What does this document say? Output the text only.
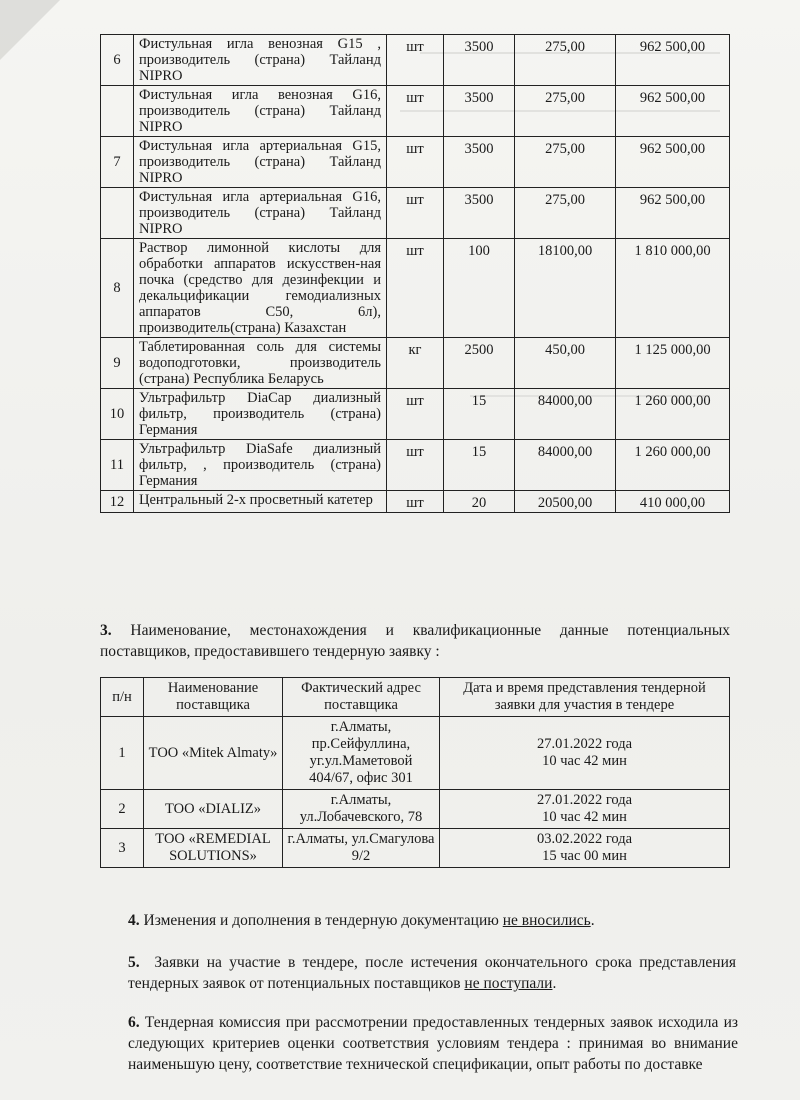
6	Фистульная игла венозная G15 , производитель (страна) Тайланд NIPRO	шт	3500	275,00	962 500,00
	Фистульная игла венозная G16, производитель (страна) Тайланд NIPRO	шт	3500	275,00	962 500,00
7	Фистульная игла артериальная G15, производитель (страна) Тайланд NIPRO	шт	3500	275,00	962 500,00
	Фистульная игла артериальная G16, производитель (страна) Тайланд NIPRO	шт	3500	275,00	962 500,00
8	Раствор лимонной кислоты для обработки аппаратов искусствен-ная почка (средство для дезинфекции и декальцификации гемодиализных аппаратов С50, 6л), производитель(страна) Казахстан	шт	100	18100,00	1 810 000,00
9	Таблетированная соль для системы водоподготовки, производитель (страна) Республика Беларусь	кг	2500	450,00	1 125 000,00
10	Ультрафильтр DiaCap диализный фильтр, производитель (страна) Германия	шт	15	84000,00	1 260 000,00
11	Ультрафильтр DiaSafe диализный фильтр, , производитель (страна) Германия	шт	15	84000,00	1 260 000,00
12	Центральный 2-х просветный катетер	шт	20	20500,00	410 000,00
3. Наименование, местонахождения и квалификационные данные потенциальных поставщиков, предоставившего тендерную заявку :
п/н	Наименование поставщика	Фактический адрес поставщика	Дата и время представления тендерной заявки для участия в тендере
1	ТОО «Mitek Almaty»	г.Алматы, пр.Сейфуллина, уг.ул.Маметовой 404/67, офис 301	27.01.2022 года
10 час 42 мин

2	ТОО «DIALIZ»	г.Алматы, ул.Лобачевского, 78	27.01.2022 года
10 час 42 мин

3	ТОО «REMEDIAL SOLUTIONS»	г.Алматы, ул.Смагулова 9/2	03.02.2022 года
15 час 00 мин
4. Изменения и дополнения в тендерную документацию не вносились.
5. Заявки на участие в тендере, после истечения окончательного срока представления тендерных заявок от потенциальных поставщиков не поступали.
6. Тендерная комиссия при рассмотрении предоставленных тендерных заявок исходила из следующих критериев оценки соответствия условиям тендера : принимая во внимание наименьшую цену, соответствие технической спецификации, опыт работы по доставке
